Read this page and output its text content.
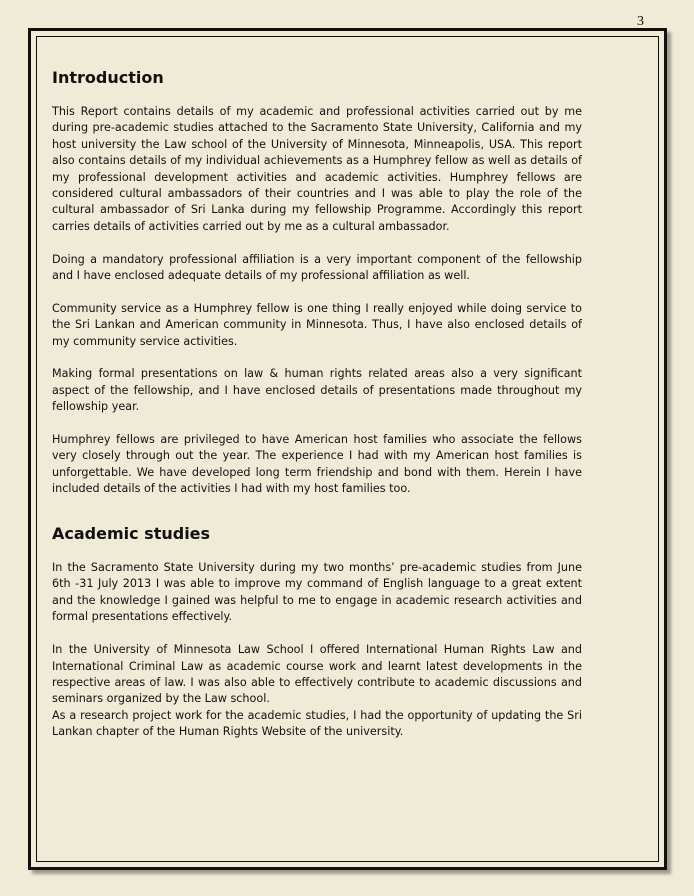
3
Introduction

This Report contains details of my academic and professional activities carried out by me during pre-academic studies attached to the Sacramento State University, California and my host university the Law school of the University of Minnesota, Minneapolis, USA. This report also contains details of my individual achievements as a Humphrey fellow as well as details of my professional development activities and academic activities. Humphrey fellows are considered cultural ambassadors of their countries and I was able to play the role of the cultural ambassador of Sri Lanka during my fellowship Programme. Accordingly this report carries details of activities carried out by me as a cultural ambassador.

Doing a mandatory professional affiliation is a very important component of the fellowship and I have enclosed adequate details of my professional affiliation as well.

Community service as a Humphrey fellow is one thing I really enjoyed while doing service to the Sri Lankan and American community in Minnesota. Thus, I have also enclosed details of my community service activities.

Making formal presentations on law & human rights related areas also a very significant aspect of the fellowship, and I have enclosed details of presentations made throughout my fellowship year.

Humphrey fellows are privileged to have American host families who associate the fellows very closely through out the year. The experience I had with my American host families is unforgettable. We have developed long term friendship and bond with them. Herein I have included details of the activities I had with my host families too.

Academic studies

In the Sacramento State University during my two months’ pre-academic studies from June 6th -31 July 2013 I was able to improve my command of English language to a great extent and the knowledge I gained was helpful to me to engage in academic research activities and formal presentations effectively.

In the University of Minnesota Law School I offered International Human Rights Law and International Criminal Law as academic course work and learnt latest developments in the respective areas of law. I was also able to effectively contribute to academic discussions and seminars organized by the Law school.

As a research project work for the academic studies, I had the opportunity of updating the Sri Lankan chapter of the Human Rights Website of the university.
